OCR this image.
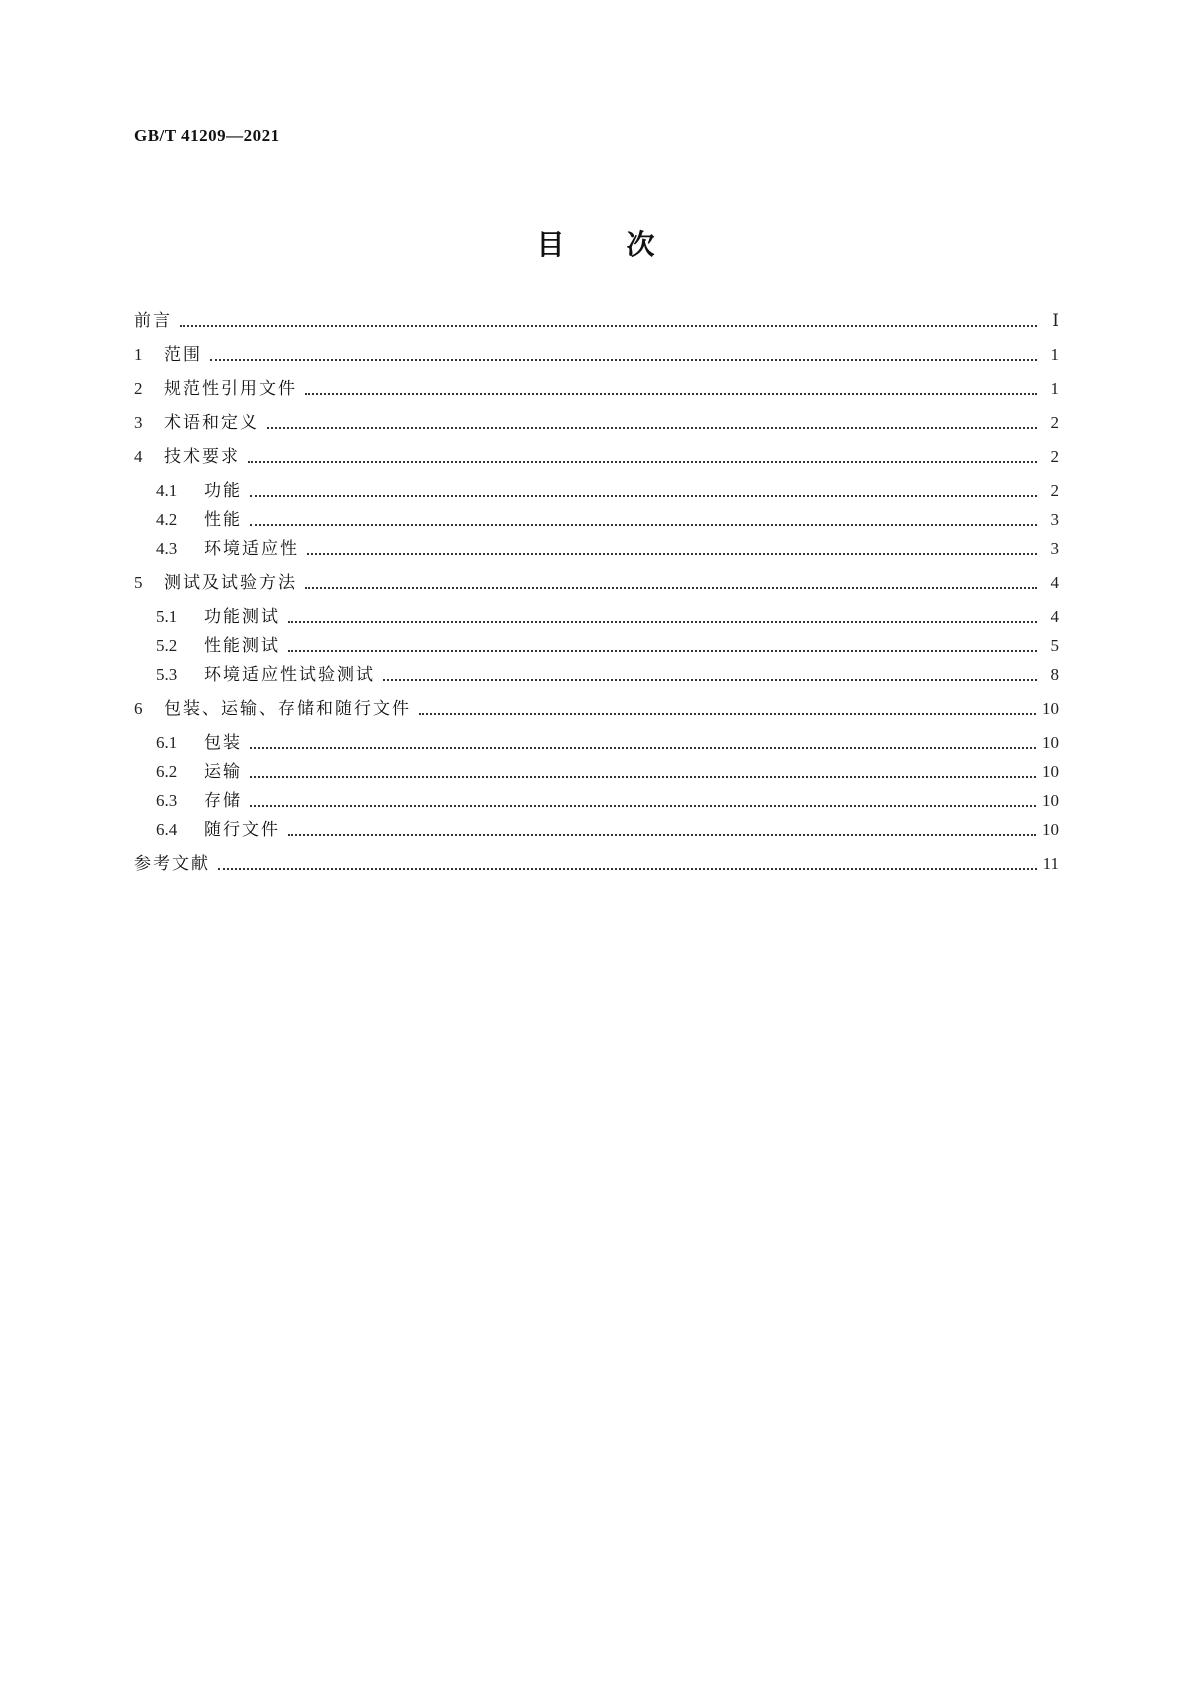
GB/T 41209—2021
目 次
前言	Ⅰ
1	范围	1
2	规范性引用文件	1
3	术语和定义	2
4	技术要求	2
4.1	功能	2
4.2	性能	3
4.3	环境适应性	3
5	测试及试验方法	4
5.1	功能测试	4
5.2	性能测试	5
5.3	环境适应性试验测试	8
6	包装、运输、存储和随行文件	10
6.1	包装	10
6.2	运输	10
6.3	存储	10
6.4	随行文件	10
参考文献	11
